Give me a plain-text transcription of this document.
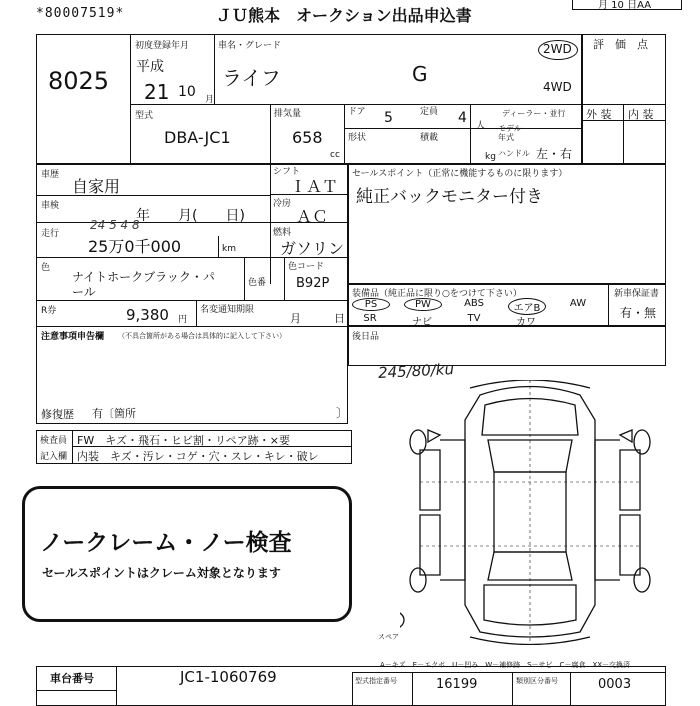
*80007519*	ＪＵ熊本　オークション出品申込書
月 10 日AA
8025
初度登録年月
平成
21 10 月
車名・グレード
ライフ	G
2WD
4WD
型式
DBA-JC1
排気量
658
cc
ドア 5	定員 4 人
形状	積載
kg
ディーラー・並行
モデル年式
ハンドル 左・右
評　価　点
外 装 内 装
車歴
自家用
車検
年　　月(　　日)
走行
24 5 4 8
25万0千000	km
シフト
ＩＡＴ
冷房
ＡＣ
燃料
ガソリン
色
ナイトホークブラック・パ
ール
色番
色コード
B92P
R券	9,380 円
名変通知期限
月　　　日
注意事項申告欄 （不具合箇所がある場合は具体的に記入して下さい）
修復歴 有〔箇所	〕
セールスポイント（正常に機能するものに限ります）
純正バックモニター付き
装備品（純正品に限り○をつけて下さい）	新車保証書
有・無
PS	PW	ABS	エアB	AW
SR	ナビ	TV	カワ
後日品
245/80/ku
検査員
記入欄
FW　キズ・飛石・ヒビ割・リペア跡・×要
内装　キズ・汚レ・コゲ・穴・スレ・キレ・破レ
ノークレーム・ノー検査
セールスポイントはクレーム対象となります
スペア
A－キズ　E－エクボ　U－凹み　W－補修跡　S－サビ　C－腐食　XX－交換済
車台番号	JC1-1060769	型式指定番号	16199	類別区分番号	0003
